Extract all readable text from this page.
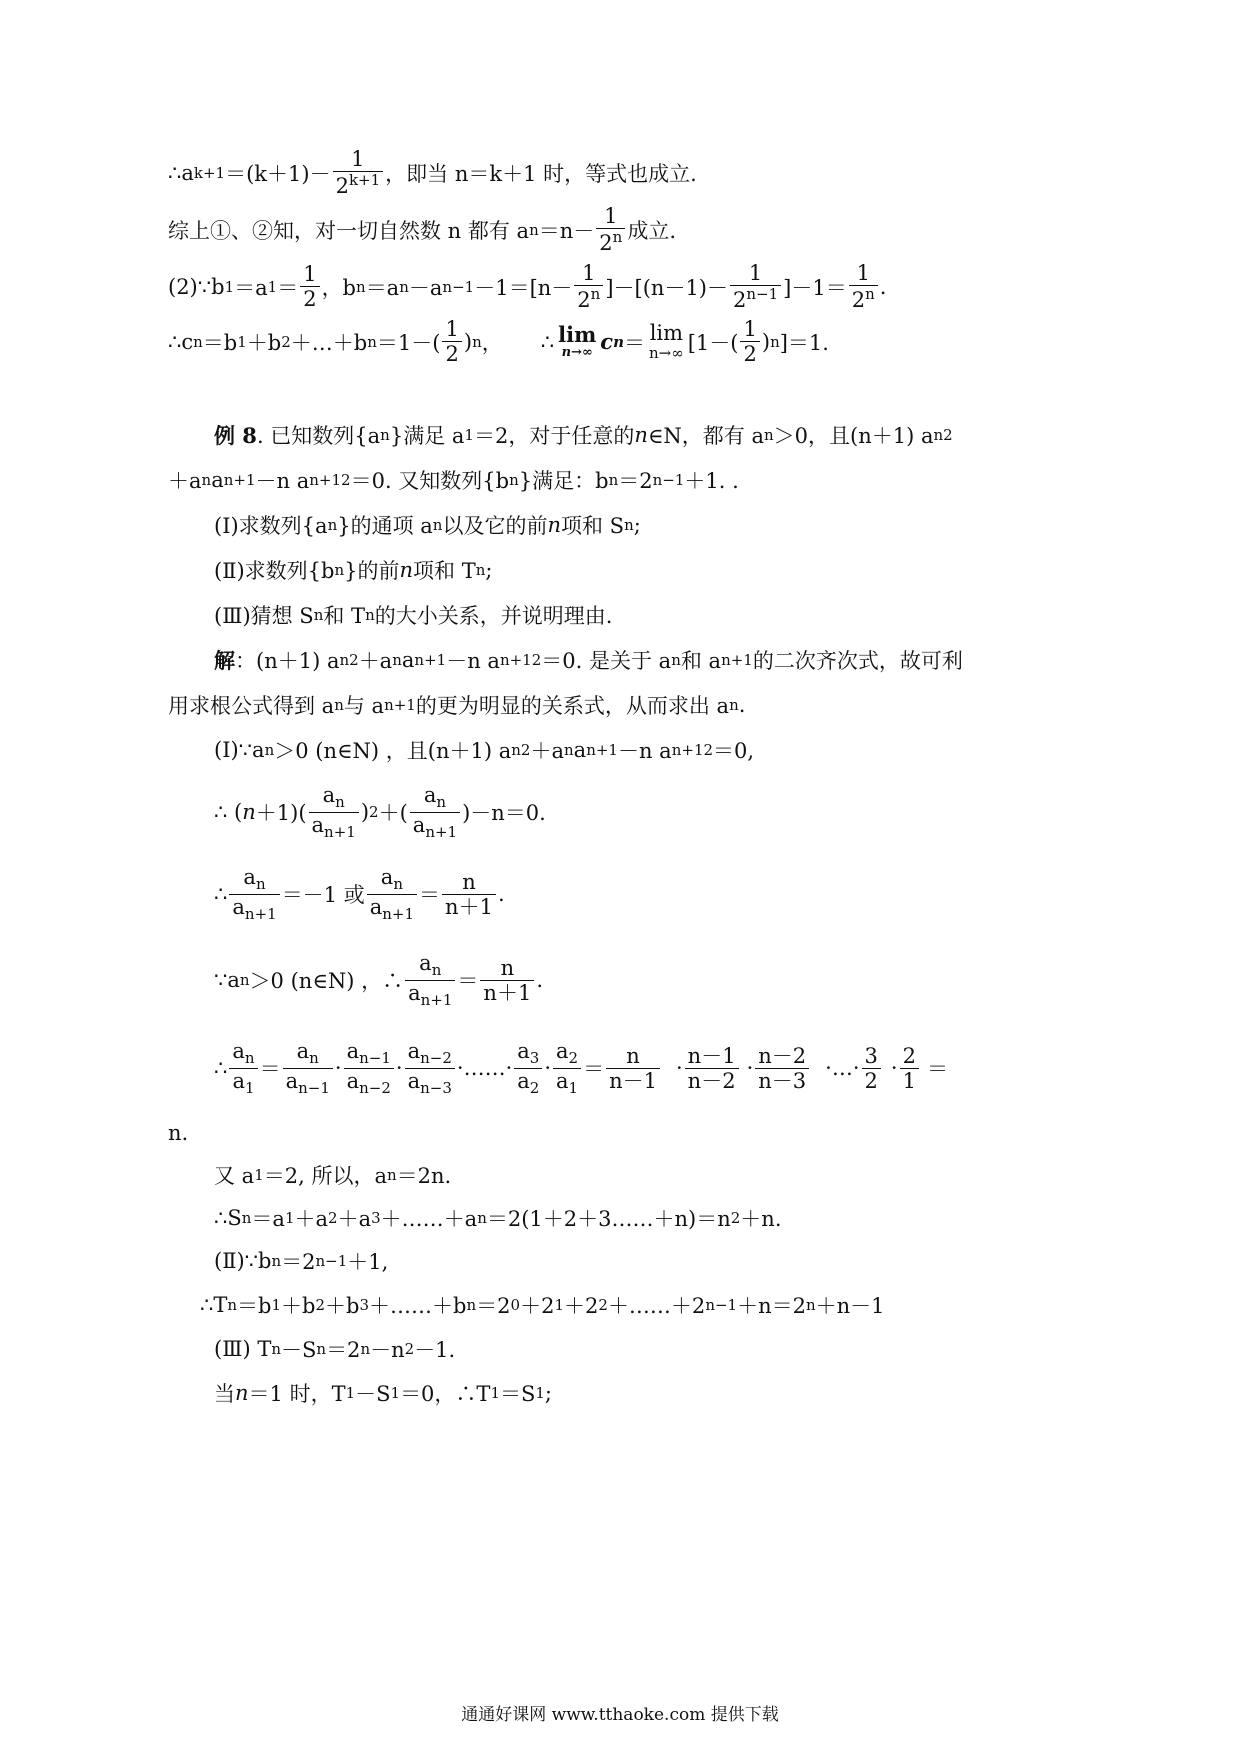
∴a $k+1 =(k+1)- \frac{1}{2^{k+1}}$ ，即当 n＝k＋1 时，等式也成立.
综上①、②知，对一切自然数 n 都有 a $n =n- \frac{1}{2^n}$ 成立.
(2)∵b 1 ＝a $1 = \frac{1}{2}$ ，b n ＝a n －a $n-1 -1=[n- \frac{1}{2^n} ]-[(n-1)- \frac{1}{2^{n-1}} ]-1= \frac{1}{2^n}$ .
∴c n ＝b 1 ＋b 2 ＋…＋b $n =1-( \frac{1}{2}$ ) n ， ∴ lim
n→∞ c n ＝ lim
n→∞ [$1-( \frac{1}{2}$ ) n ]＝1.
例 8 . 已知数列{a n }满足 a 1 ＝2，对于任意的 n ∈N，都有 a n ＞0，且(n＋1) a n 2
＋a n a n+1 －n a n+1 2 ＝0. 又知数列{b n }满足：b n ＝2 n−1 ＋1. .
(Ⅰ)求数列{a n }的通项 a n 以及它的前 n 项和 S n ;
(Ⅱ)求数列{b n }的前 n 项和 T n ;
(Ⅲ)猜想 S n 和 T n 的大小关系，并说明理由.
解 ：(n＋1) a n 2 ＋a n a n+1 －n a n+1 2 ＝0. 是关于 a n 和 a n+1 的二次齐次式，故可利
用求根公式得到 a n 与 a n+1 的更为明显的关系式，从而求出 a n .
(Ⅰ)∵a n ＞0 (n∈N) ，且(n＋1) a n 2 ＋a n a n+1 －n a n+1 2 ＝0,
∴ ( n ＋1)(
$a_n$
$a_{n+1}$
) 2 ＋(
$a_n$
$a_{n+1}$
)－n＝0.
∴
$a_n$
$a_{n+1}$
＝－1 或
$a_n$
$a_{n+1}$
＝
n
n＋1
.
∵a n ＞0 (n∈N) ，∴
$a_n$
$a_{n+1}$
＝
n
n＋1
.
∴
$a_n$
$a_1$
＝
$a_n$
$a_{n-1}$
·
$a_{n-1}$
$a_{n-2}$
·
$a_{n-2}$
$a_{n-3}$
·……·
$a_3$
$a_2$
·
$a_2$
$a_1$
＝
n
n－1
·
n－1
n－2
·
n－2
n－3
·…·
3
2
·
2
1 ＝
n.
又 a 1 ＝2, 所以，a n ＝2n.
∴S n ＝a 1 ＋a 2 ＋a 3 ＋……＋a n ＝2(1＋2＋3……＋n)＝n 2 ＋n.
(Ⅱ)∵b n ＝2 n−1 ＋1,
∴T n ＝b 1 ＋b 2 ＋b 3 ＋……＋b n ＝2 0 ＋2 1 ＋2 2 ＋……＋2 n−1 ＋n＝2 n ＋n－1
(Ⅲ) T n －S n ＝2 n －n 2 －1.
当 n ＝1 时，T 1 －S 1 ＝0，∴T 1 ＝S 1 ;
通通好课网 www.tthaoke.com 提供下载
